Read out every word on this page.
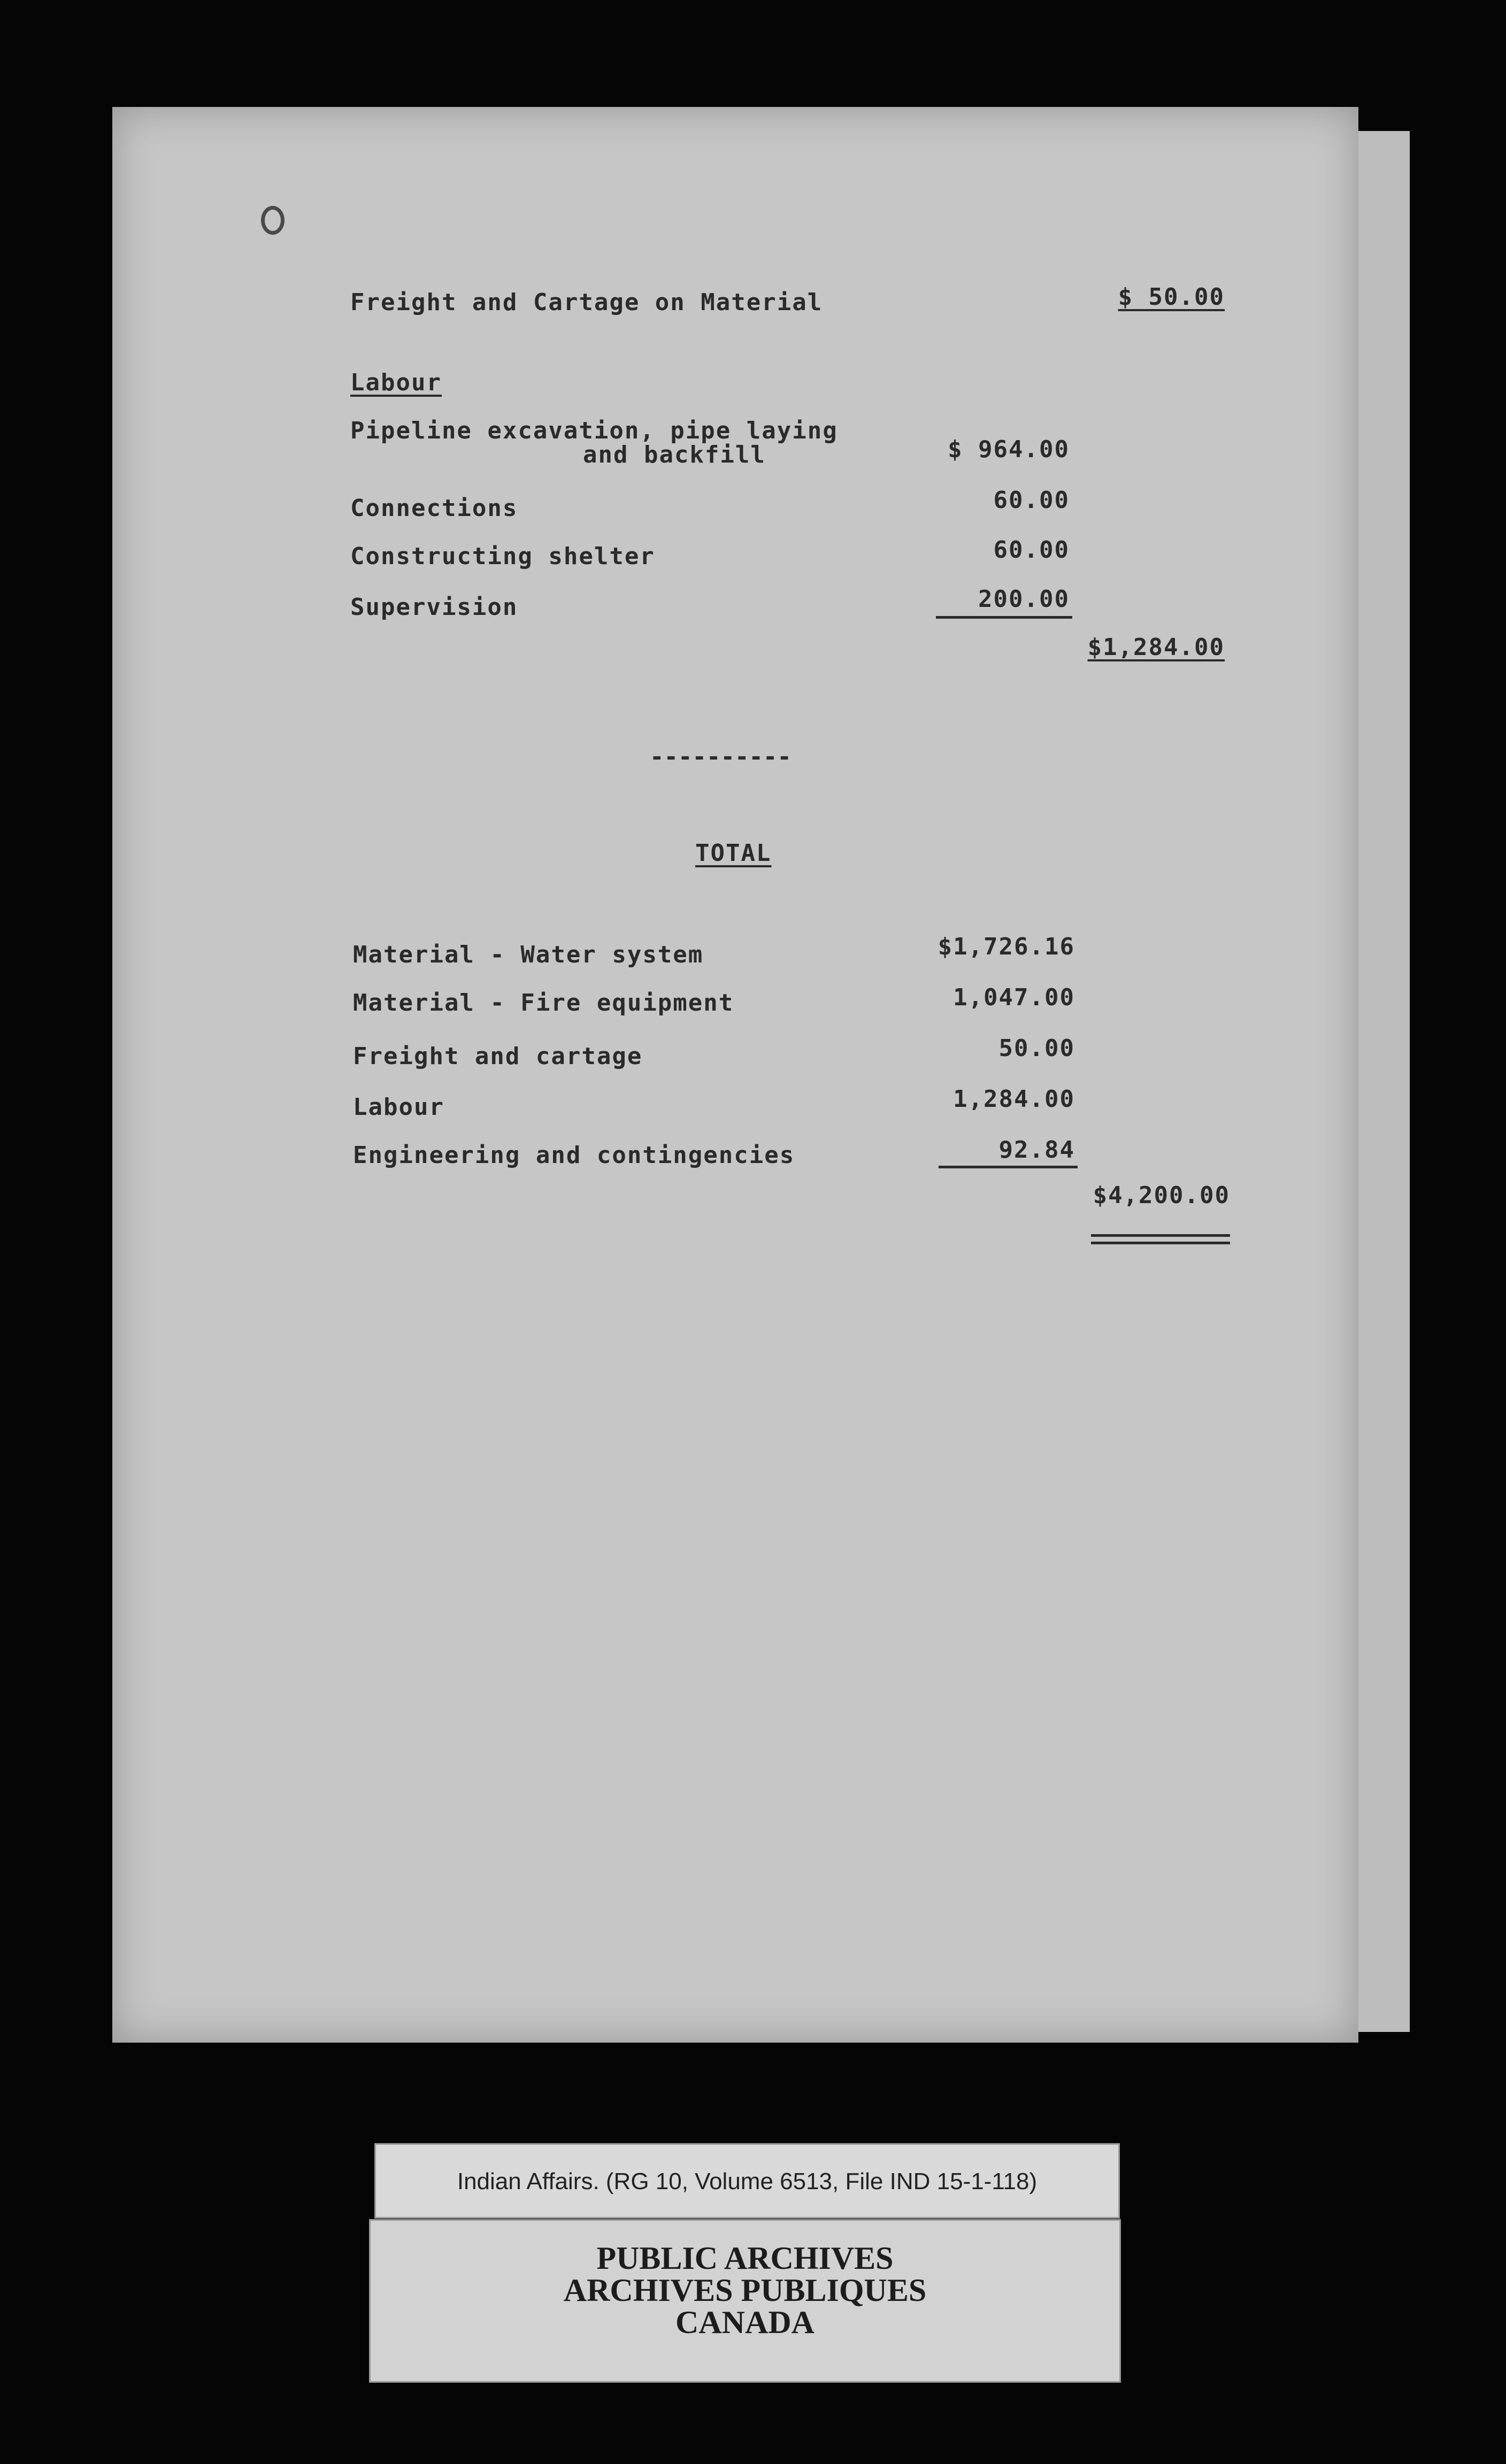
Freight and Cartage on Material	$ 50.00
Labour
Pipeline excavation, pipe laying
and backfill	$ 964.00
Connections	60.00
Constructing shelter	60.00
Supervision	200.00
$1,284.00
----------
TOTAL
Material - Water system	$1,726.16
Material - Fire equipment	1,047.00
Freight and cartage	50.00
Labour	1,284.00
Engineering and contingencies	92.84
$4,200.00
Indian Affairs. (RG 10, Volume 6513, File IND 15-1-118)
PUBLIC ARCHIVES
ARCHIVES PUBLIQUES
CANADA
